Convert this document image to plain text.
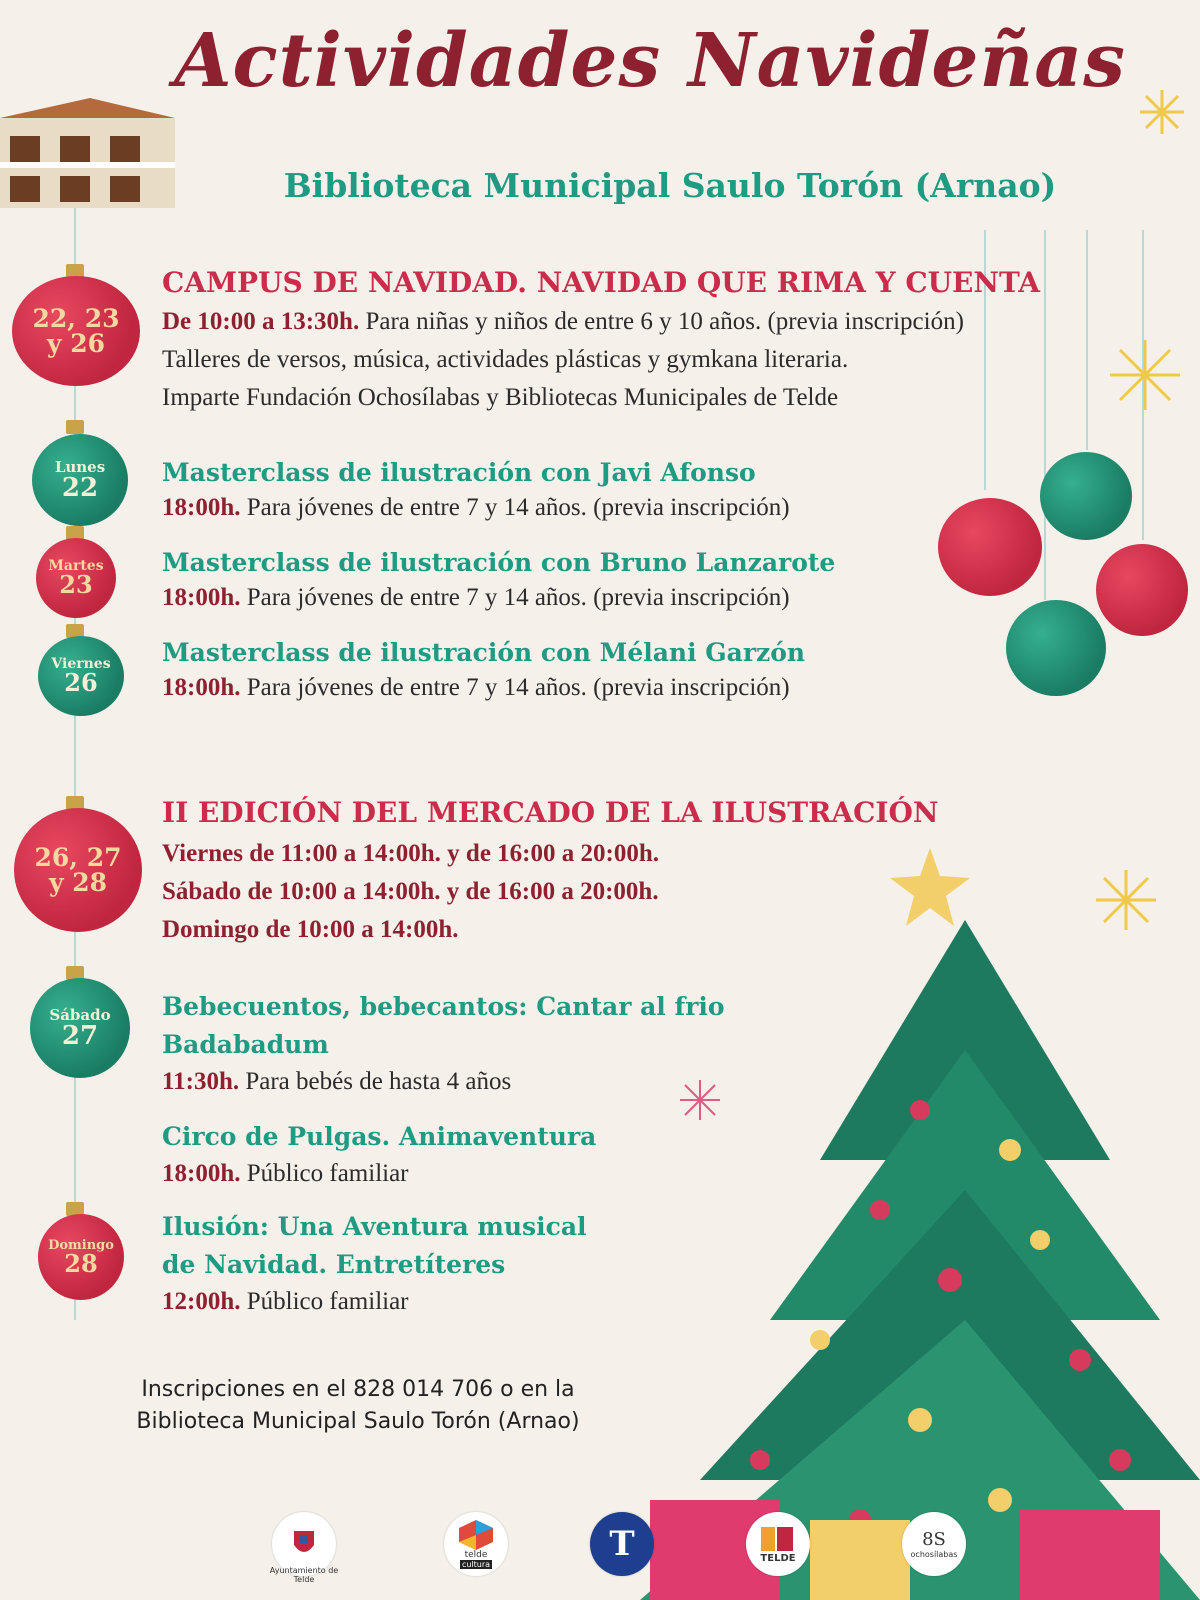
Actividades Navideñas
Biblioteca Municipal Saulo Torón (Arnao)
22, 23 y 26
Lunes
22
Martes
23
Viernes
26
26, 27 y 28
Sábado
27
Domingo
28
CAMPUS DE NAVIDAD. NAVIDAD QUE RIMA Y CUENTA
De 10:00 a 13:30h. Para niñas y niños de entre 6 y 10 años. (previa inscripción)
Talleres de versos, música, actividades plásticas y gymkana literaria.
Imparte Fundación Ochosílabas y Bibliotecas Municipales de Telde
Masterclass de ilustración con Javi Afonso
18:00h. Para jóvenes de entre 7 y 14 años. (previa inscripción)
Masterclass de ilustración con Bruno Lanzarote
18:00h. Para jóvenes de entre 7 y 14 años. (previa inscripción)
Masterclass de ilustración con Mélani Garzón
18:00h. Para jóvenes de entre 7 y 14 años. (previa inscripción)
II EDICIÓN DEL MERCADO DE LA ILUSTRACIÓN
Viernes de 11:00 a 14:00h. y de 16:00 a 20:00h.
Sábado de 10:00 a 14:00h. y de 16:00 a 20:00h.
Domingo de 10:00 a 14:00h.
Bebecuentos, bebecantos: Cantar al frio
Badabadum
11:30h. Para bebés de hasta 4 años
Circo de Pulgas. Animaventura
18:00h. Público familiar
Ilusión: Una Aventura musical
de Navidad. Entretíteres
12:00h. Público familiar
Inscripciones en el 828 014 706 o en la
Biblioteca Municipal Saulo Torón (Arnao)
Ayuntamiento de Telde
telde
cultura	T	TELDE
8S
ochosílabas
